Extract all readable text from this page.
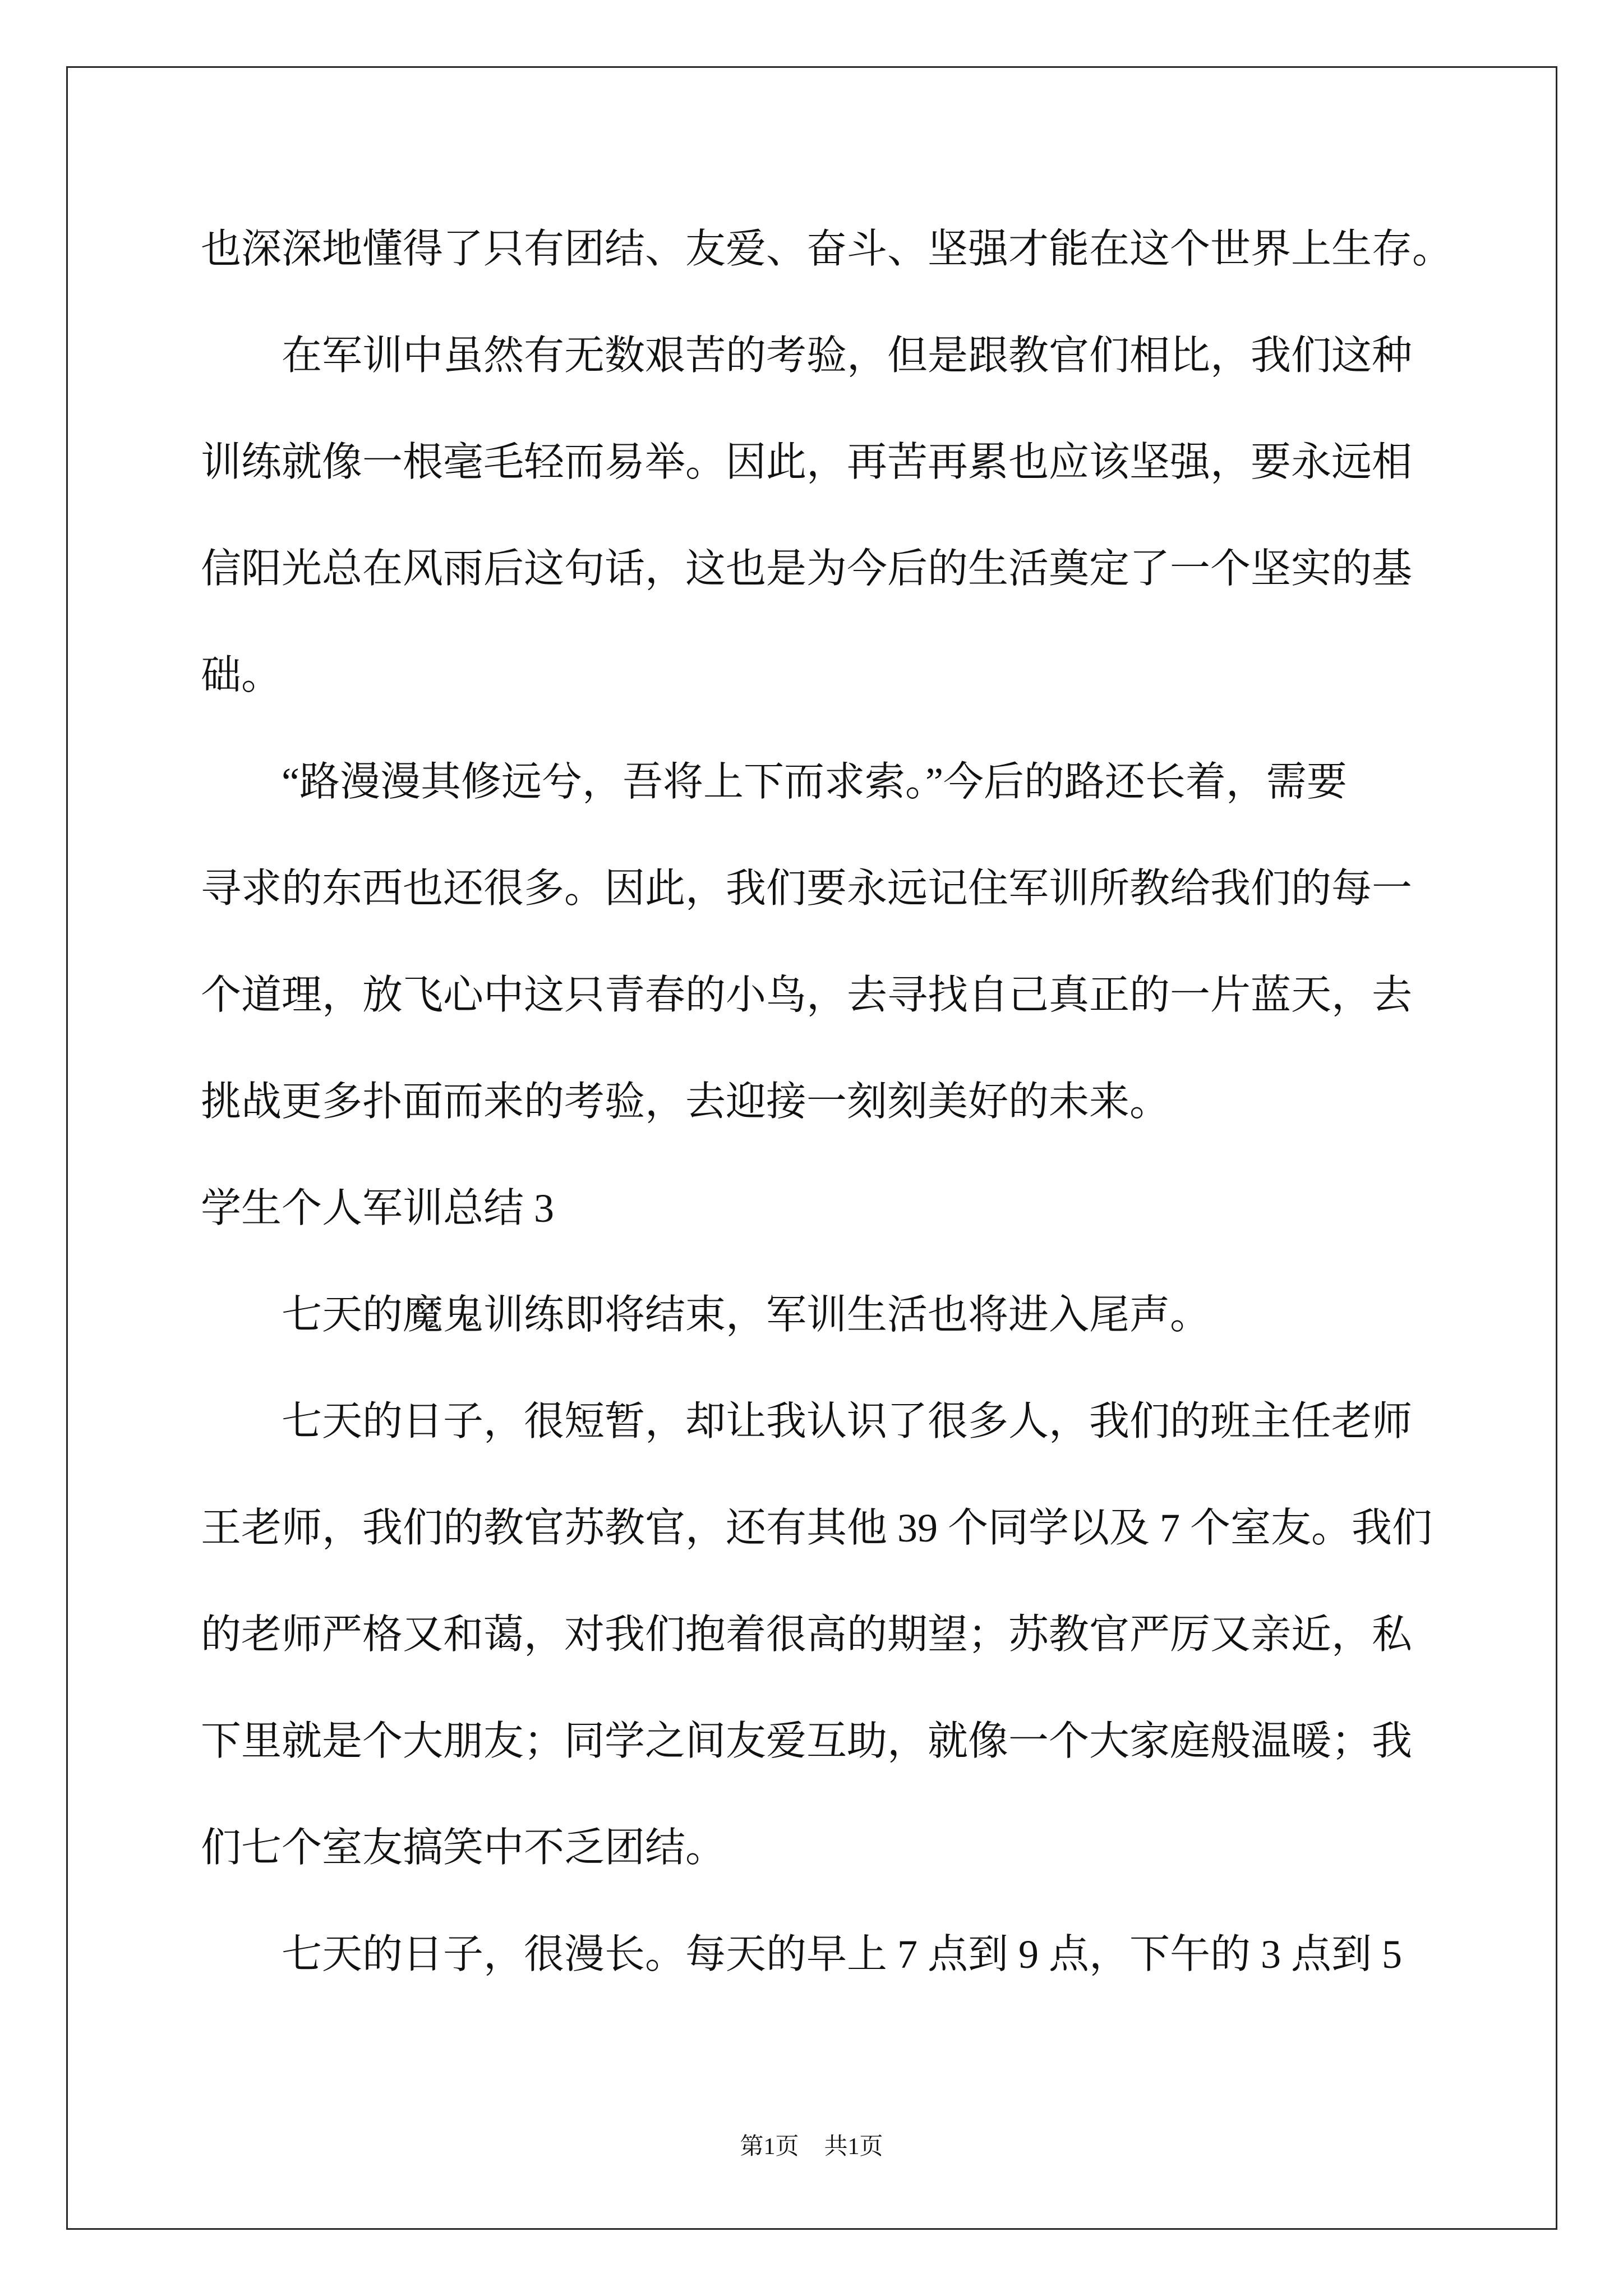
也深深地懂得了只有团结、友爱、奋斗、坚强才能在这个世界上生存。
在军训中虽然有无数艰苦的考验，但是跟教官们相比，我们这种
训练就像一根毫毛轻而易举。因此，再苦再累也应该坚强，要永远相
信阳光总在风雨后这句话，这也是为今后的生活奠定了一个坚实的基
础。
“路漫漫其修远兮，吾将上下而求索。”今后的路还长着，需要
寻求的东西也还很多。因此，我们要永远记住军训所教给我们的每一
个道理，放飞心中这只青春的小鸟，去寻找自己真正的一片蓝天，去
挑战更多扑面而来的考验，去迎接一刻刻美好的未来。
学生个人军训总结 3
七天的魔鬼训练即将结束，军训生活也将进入尾声。
七天的日子，很短暂，却让我认识了很多人，我们的班主任老师
王老师，我们的教官苏教官，还有其他 39 个同学以及 7 个室友。我们
的老师严格又和蔼，对我们抱着很高的期望；苏教官严厉又亲近，私
下里就是个大朋友；同学之间友爱互助，就像一个大家庭般温暖；我
们七个室友搞笑中不乏团结。
七天的日子，很漫长。每天的早上 7 点到 9 点，下午的 3 点到 5
第1页 共1页
